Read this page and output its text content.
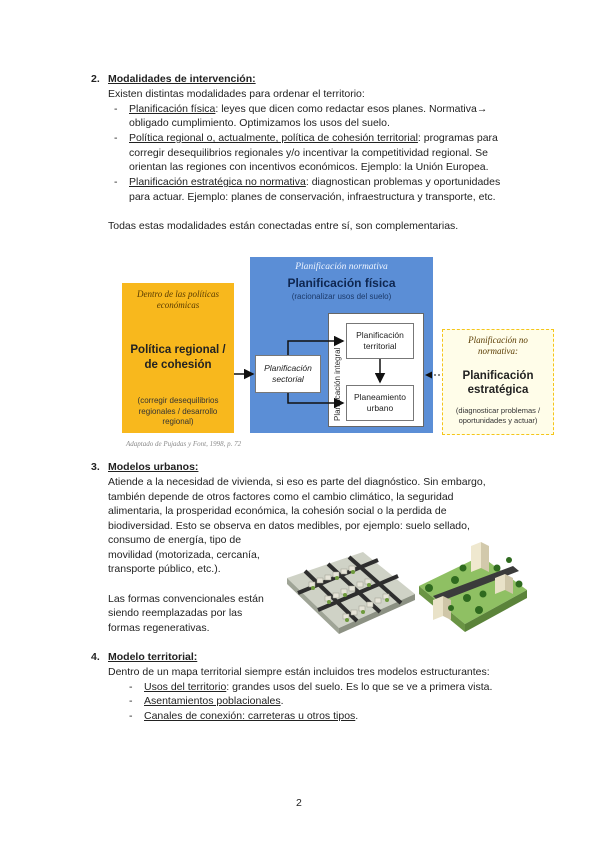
2. Modalidades de intervención:
Existen distintas modalidades para ordenar el territorio:
- Planificación física: leyes que dicen como redactar esos planes. Normativa→
obligado cumplimiento. Optimizamos los usos del suelo.
- Política regional o, actualmente, política de cohesión territorial: programas para
corregir desequilibrios regionales y/o incentivar la competitividad regional. Se
orientan las regiones con incentivos económicos. Ejemplo: la Unión Europea.
- Planificación estratégica no normativa: diagnostican problemas y oportunidades
para actuar. Ejemplo: planes de conservación, infraestructura y transporte, etc.
Todas estas modalidades están conectadas entre sí, son complementarias.
Dentro de las políticas
económicas
Política regional /
de cohesión
(corregir desequilibrios
regionales / desarrollo
regional)
Planificación normativa
Planificación física
(racionalizar usos del suelo)
Planificación
territorial
Planeamiento
urbano
Planificación
sectorial
Planificación no
normativa:
Planificación
estratégica
(diagnosticar problemas /
oportunidades y actuar)
Adaptado de Pujadas y Font, 1998, p. 72
3. Modelos urbanos:
Atiende a la necesidad de vivienda, si eso es parte del diagnóstico. Sin embargo,
también depende de otros factores como el cambio climático, la seguridad
alimentaria, la prosperidad económica, la cohesión social o la perdida de
biodiversidad. Esto se observa en datos medibles, por ejemplo: suelo sellado,
consumo de energía, tipo de
movilidad (motorizada, cercanía,
transporte público, etc.).
Las formas convencionales están
siendo reemplazadas por las
formas regenerativas.
4. Modelo territorial:
Dentro de un mapa territorial siempre están incluidos tres modelos estructurantes:
- Usos del territorio: grandes usos del suelo. Es lo que se ve a primera vista.
- Asentamientos poblacionales.
- Canales de conexión: carreteras u otros tipos.
2
